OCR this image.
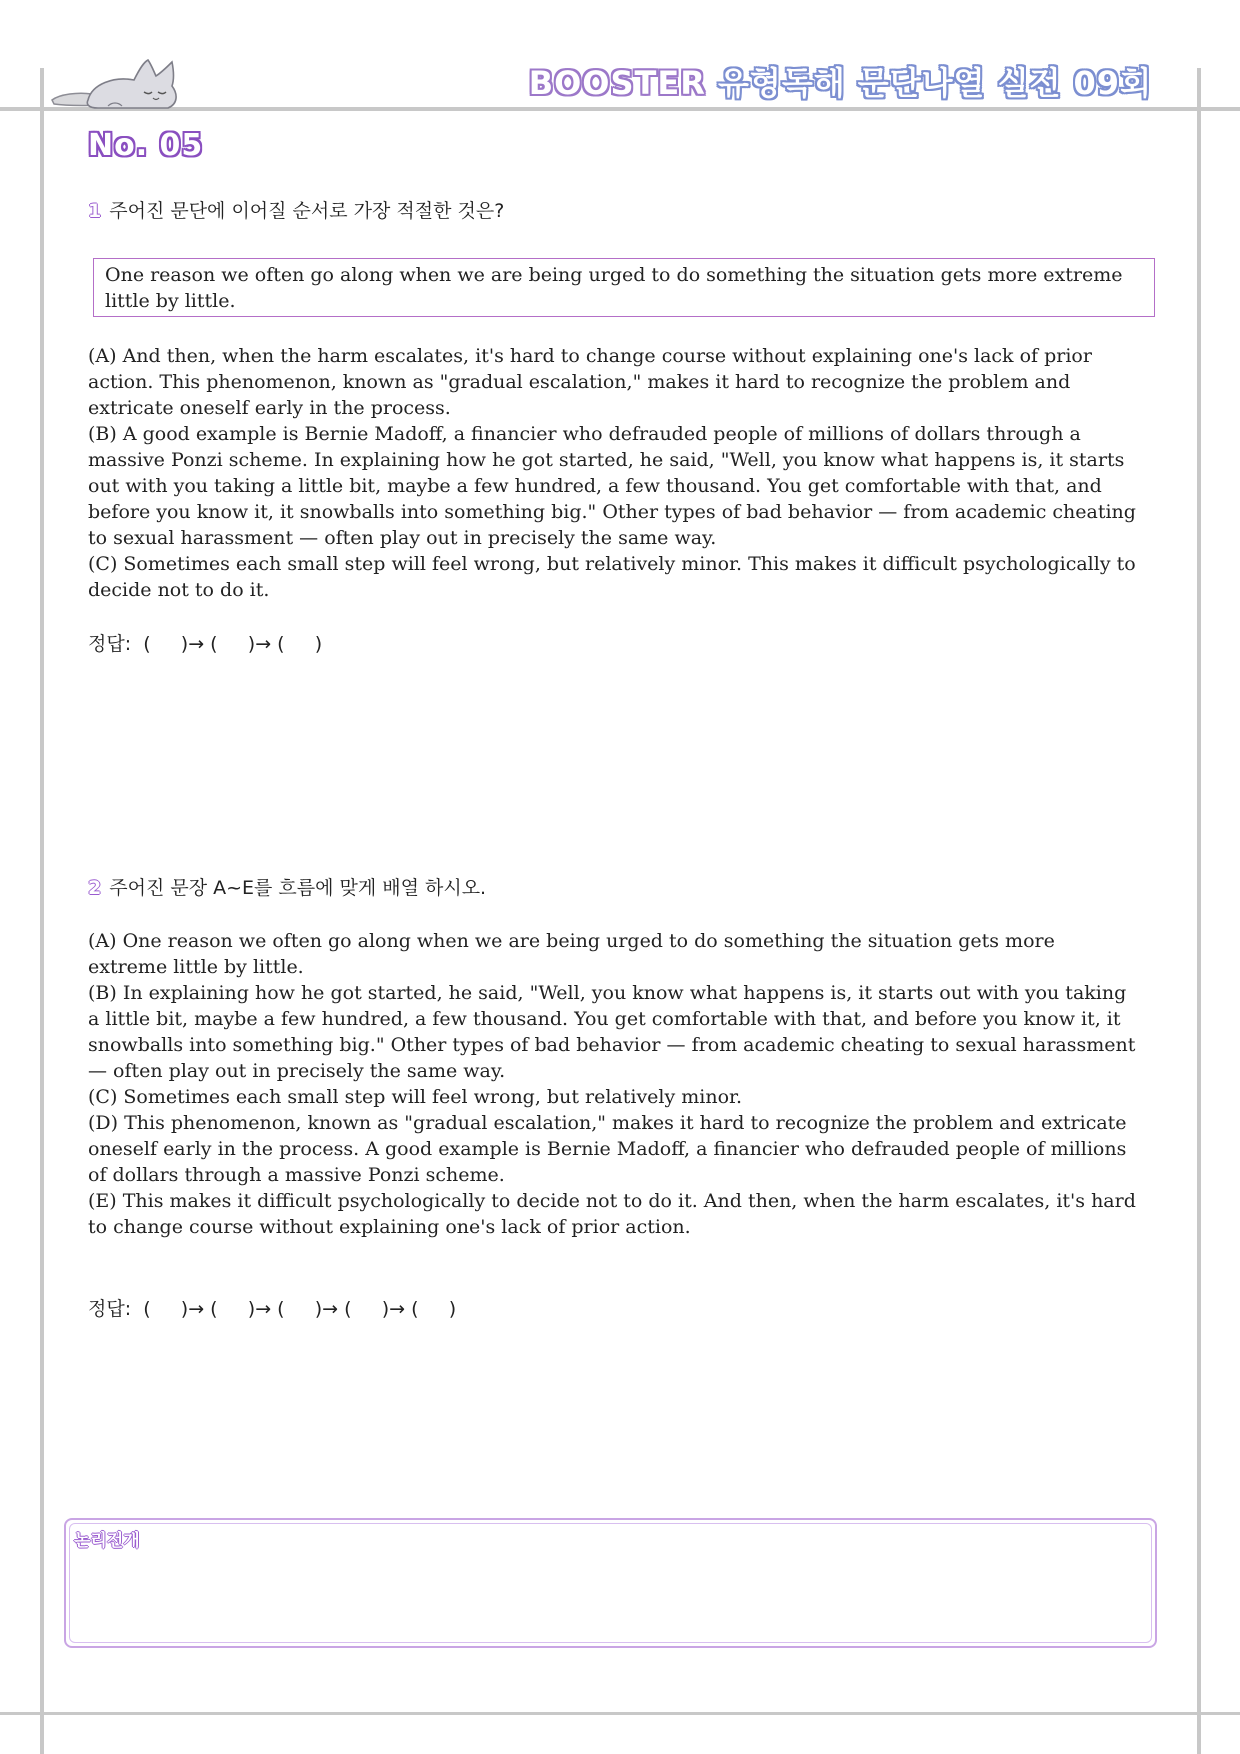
BOOSTER 유형독해 문단나열 실전 09회
No. 05
1 주어진 문단에 이어질 순서로 가장 적절한 것은?
One reason we often go along when we are being urged to do something the situation gets more extreme little by little.

(A) And then, when the harm escalates, it's hard to change course without explaining one's lack of prior action. This phenomenon, known as "gradual escalation," makes it hard to recognize the problem and extricate oneself early in the process.

(B) A good example is Bernie Madoff, a financier who defrauded people of millions of dollars through a massive Ponzi scheme. In explaining how he got started, he said, "Well, you know what happens is, it starts out with you taking a little bit, maybe a few hundred, a few thousand. You get comfortable with that, and before you know it, it snowballs into something big." Other types of bad behavior — from academic cheating to sexual harassment — often play out in precisely the same way.

(C) Sometimes each small step will feel wrong, but relatively minor. This makes it difficult psychologically to decide not to do it.

정답:  (     )→ (     )→ (     )
2 주어진 문장 A~E를 흐름에 맞게 배열 하시오.

(A) One reason we often go along when we are being urged to do something the situation gets more extreme little by little.

(B) In explaining how he got started, he said, "Well, you know what happens is, it starts out with you taking a little bit, maybe a few hundred, a few thousand. You get comfortable with that, and before you know it, it snowballs into something big." Other types of bad behavior — from academic cheating to sexual harassment — often play out in precisely the same way.

(C) Sometimes each small step will feel wrong, but relatively minor.

(D) This phenomenon, known as "gradual escalation," makes it hard to recognize the problem and extricate oneself early in the process. A good example is Bernie Madoff, a financier who defrauded people of millions of dollars through a massive Ponzi scheme.

(E) This makes it difficult psychologically to decide not to do it. And then, when the harm escalates, it's hard to change course without explaining one's lack of prior action.

정답:  (     )→ (     )→ (     )→ (     )→ (     )
논리전개
